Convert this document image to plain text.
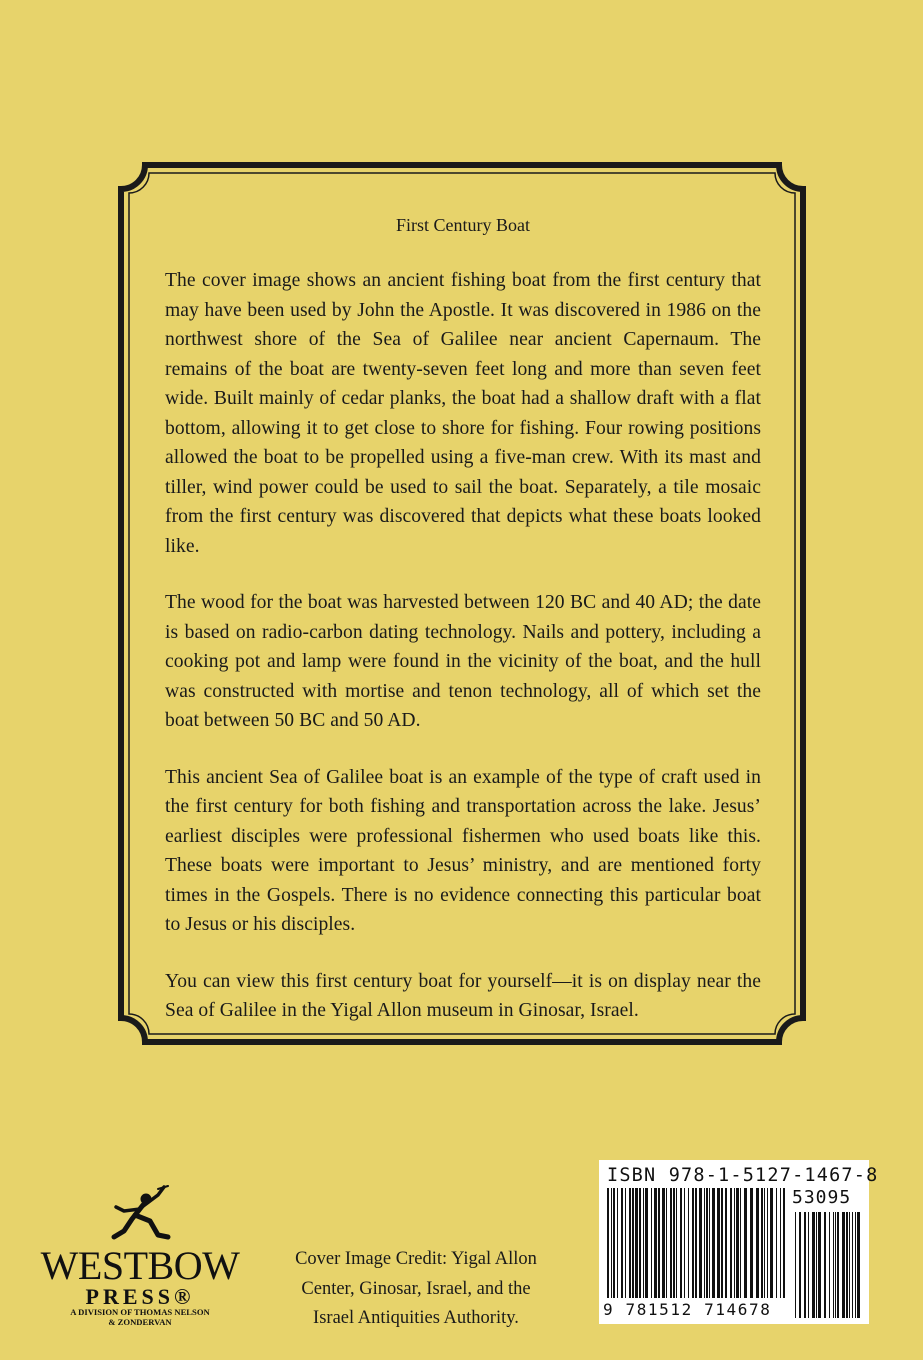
First Century Boat

The cover image shows an ancient fishing boat from the first century that may have been used by John the Apostle. It was discovered in 1986 on the northwest shore of the Sea of Galilee near ancient Capernaum. The remains of the boat are twenty-seven feet long and more than seven feet wide. Built mainly of cedar planks, the boat had a shallow draft with a flat bottom, allowing it to get close to shore for fishing. Four rowing positions allowed the boat to be propelled using a five-man crew. With its mast and tiller, wind power could be used to sail the boat. Separately, a tile mosaic from the first century was discovered that depicts what these boats looked like.

The wood for the boat was harvested between 120 BC and 40 AD; the date is based on radio-carbon dating technology. Nails and pottery, including a cooking pot and lamp were found in the vicinity of the boat, and the hull was constructed with mortise and tenon technology, all of which set the boat between 50 BC and 50 AD.

This ancient Sea of Galilee boat is an example of the type of craft used in the first century for both fishing and transportation across the lake. Jesus’ earliest disciples were professional fishermen who used boats like this. These boats were important to Jesus’ ministry, and are mentioned forty times in the Gospels. There is no evidence connecting this particular boat to Jesus or his disciples.

You can view this first century boat for yourself—it is on display near the Sea of Galilee in the Yigal Allon museum in Ginosar, Israel.

WESTBOW
PRESS®
A DIVISION OF THOMAS NELSON
& ZONDERVAN
Cover Image Credit: Yigal Allon
Center, Ginosar, Israel, and the
Israel Antiquities Authority.
ISBN 978-1-5127-1467-8
53095
9 781512 714678
